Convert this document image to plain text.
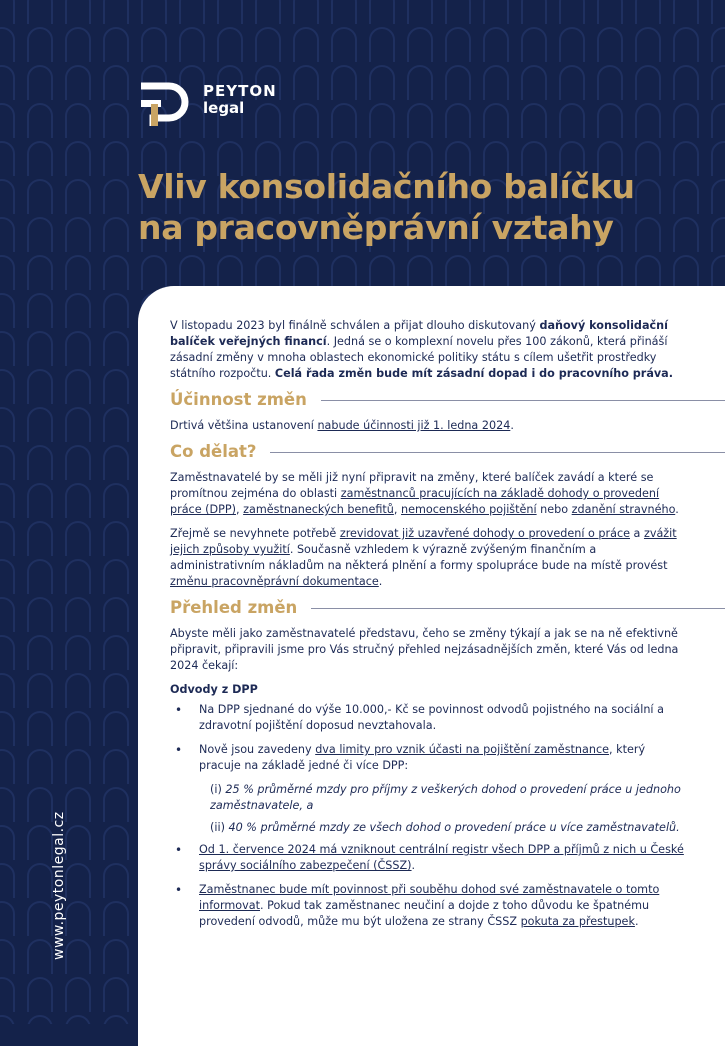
PEYTON
legal
Vliv konsolidačního balíčku
na pracovněprávní vztahy
www.peytonlegal.cz

V listopadu 2023 byl finálně schválen a přijat dlouho diskutovaný daňový konsolidační balíček veřejných financí. Jedná se o komplexní novelu přes 100 zákonů, která přináší zásadní změny v mnoha oblastech ekonomické politiky státu s cílem ušetřit prostředky státního rozpočtu. Celá řada změn bude mít zásadní dopad i do pracovního práva.

Účinnost změn

Drtivá většina ustanovení nabude účinnosti již 1. ledna 2024.

Co dělat?

Zaměstnavatelé by se měli již nyní připravit na změny, které balíček zavádí a které se promítnou zejména do oblasti zaměstnanců pracujících na základě dohody o provedení práce (DPP), zaměstnaneckých benefitů, nemocenského pojištění nebo zdanění stravného.

Zřejmě se nevyhnete potřebě zrevidovat již uzavřené dohody o provedení o práce a zvážit jejich způsoby využití. Současně vzhledem k výrazně zvýšeným finančním a administrativním nákladům na některá plnění a formy spolupráce bude na místě provést změnu pracovněprávní dokumentace.

Přehled změn

Abyste měli jako zaměstnavatelé představu, čeho se změny týkají a jak se na ně efektivně připravit, připravili jsme pro Vás stručný přehled nejzásadnějších změn, které Vás od ledna 2024 čekají:

Odvody z DPP
• Na DPP sjednané do výše 10.000,- Kč se povinnost odvodů pojistného na sociální a zdravotní pojištění doposud nevztahovala.
• Nově jsou zavedeny dva limity pro vznik účasti na pojištění zaměstnance, který pracuje na základě jedné či více DPP:
(i) 25 % průměrné mzdy pro příjmy z veškerých dohod o provedení práce u jednoho zaměstnavatele, a
(ii) 40 % průměrné mzdy ze všech dohod o provedení práce u více zaměstnavatelů.
• Od 1. července 2024 má vzniknout centrální registr všech DPP a příjmů z nich u České správy sociálního zabezpečení (ČSSZ).
• Zaměstnanec bude mít povinnost při souběhu dohod své zaměstnavatele o tomto informovat. Pokud tak zaměstnanec neučiní a dojde z toho důvodu ke špatnému provedení odvodů, může mu být uložena ze strany ČSSZ pokuta za přestupek.
